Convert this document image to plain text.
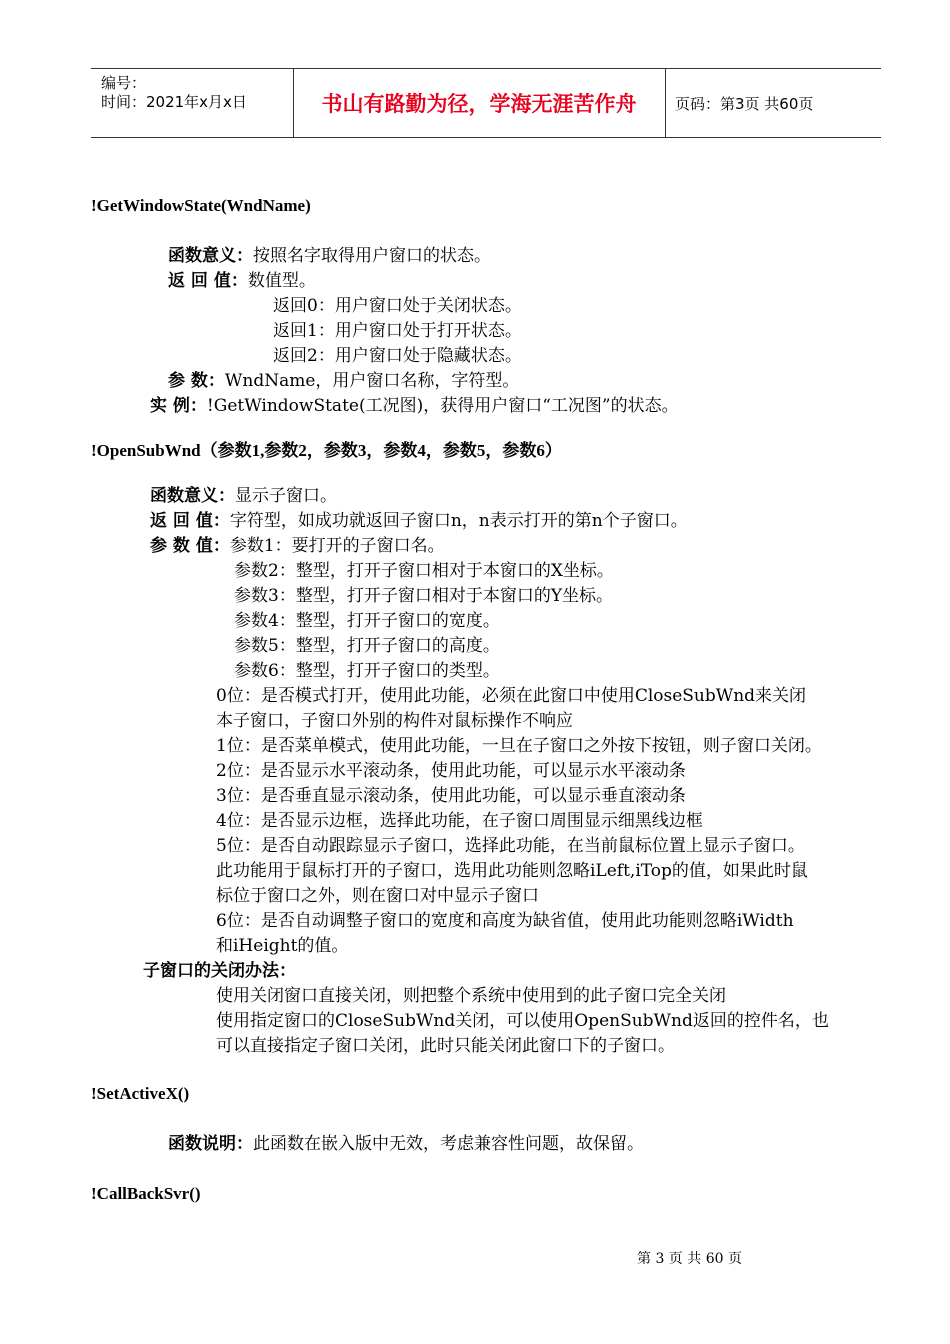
编号：
时间：2021年x月x日	书山有路勤为径，学海无涯苦作舟	页码：第3页 共60页
!GetWindowState(WndName)
函数意义：按照名字取得用户窗口的状态。
返 回 值：数值型。
返回0：用户窗口处于关闭状态。
返回1：用户窗口处于打开状态。
返回2：用户窗口处于隐藏状态。
参 数：WndName，用户窗口名称，字符型。
实 例：!GetWindowState(工况图)，获得用户窗口“工况图”的状态。
!OpenSubWnd（参数1,参数2，参数3，参数4，参数5，参数6）
函数意义：显示子窗口。
返 回 值：字符型，如成功就返回子窗口n，n表示打开的第n个子窗口。
参 数 值：参数1：要打开的子窗口名。
参数2：整型，打开子窗口相对于本窗口的X坐标。
参数3：整型，打开子窗口相对于本窗口的Y坐标。
参数4：整型，打开子窗口的宽度。
参数5：整型，打开子窗口的高度。
参数6：整型，打开子窗口的类型。
0位：是否模式打开，使用此功能，必须在此窗口中使用CloseSubWnd来关闭
本子窗口，子窗口外别的构件对鼠标操作不响应
1位：是否菜单模式，使用此功能，一旦在子窗口之外按下按钮，则子窗口关闭。
2位：是否显示水平滚动条，使用此功能，可以显示水平滚动条
3位：是否垂直显示滚动条，使用此功能，可以显示垂直滚动条
4位：是否显示边框，选择此功能，在子窗口周围显示细黑线边框
5位：是否自动跟踪显示子窗口，选择此功能，在当前鼠标位置上显示子窗口。
此功能用于鼠标打开的子窗口，选用此功能则忽略iLeft,iTop的值，如果此时鼠
标位于窗口之外，则在窗口对中显示子窗口
6位：是否自动调整子窗口的宽度和高度为缺省值，使用此功能则忽略iWidth
和iHeight的值。
子窗口的关闭办法：
使用关闭窗口直接关闭，则把整个系统中使用到的此子窗口完全关闭
使用指定窗口的CloseSubWnd关闭，可以使用OpenSubWnd返回的控件名，也
可以直接指定子窗口关闭，此时只能关闭此窗口下的子窗口。
!SetActiveX()
函数说明：此函数在嵌入版中无效，考虑兼容性问题，故保留。
!CallBackSvr()
第 3 页 共 60 页
